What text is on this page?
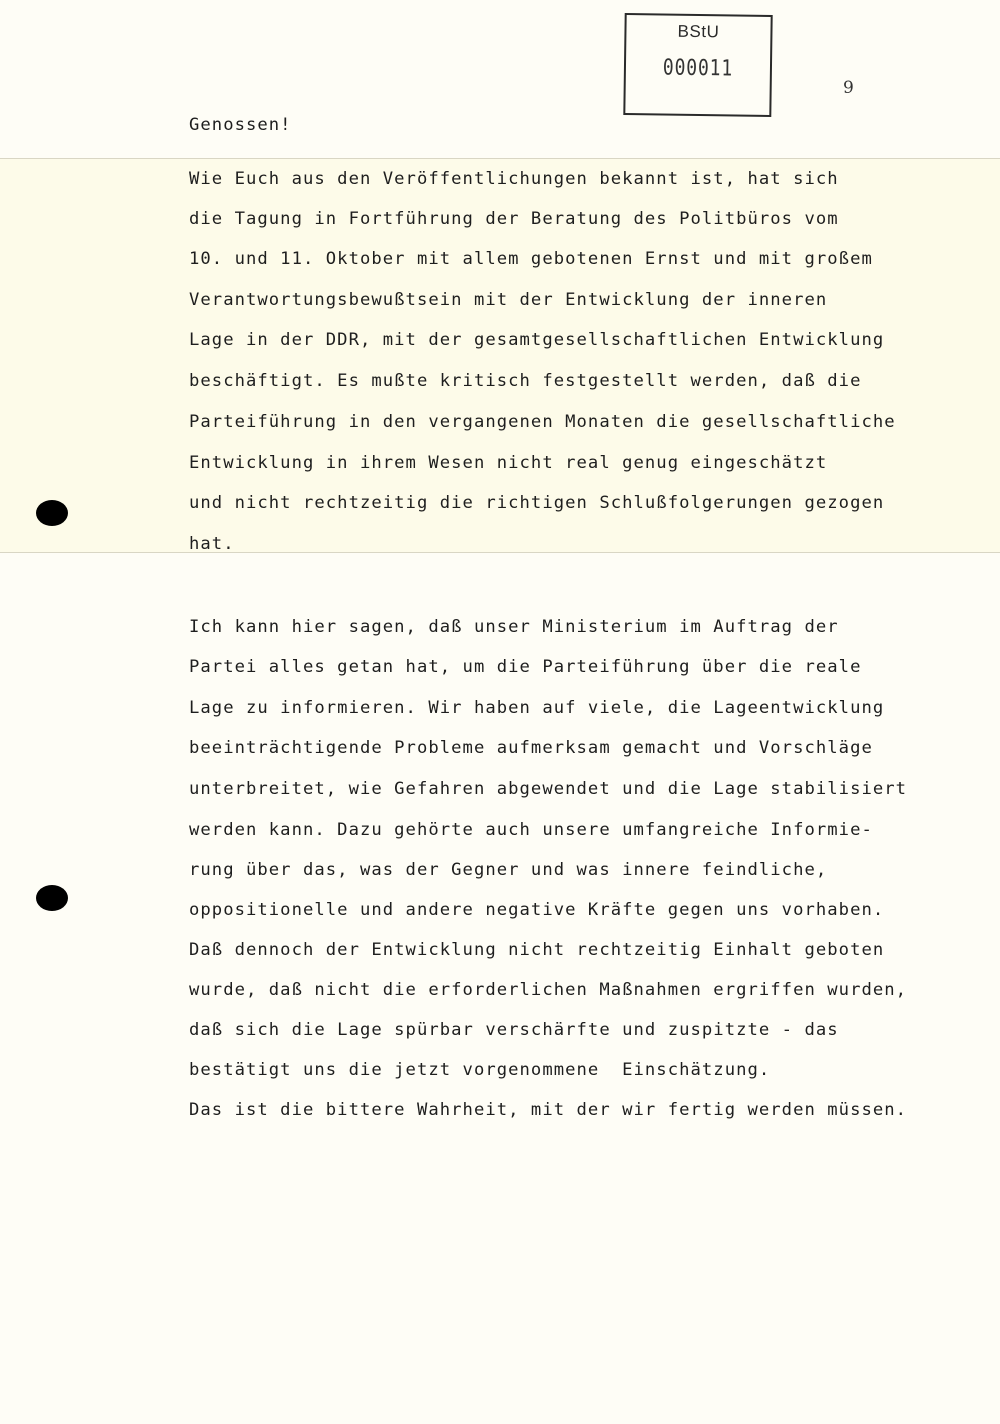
BStU
000011
9
Genossen!
Wie Euch aus den Veröffentlichungen bekannt ist, hat sich
die Tagung in Fortführung der Beratung des Politbüros vom
10. und 11. Oktober mit allem gebotenen Ernst und mit großem
Verantwortungsbewußtsein mit der Entwicklung der inneren
Lage in der DDR, mit der gesamtgesellschaftlichen Entwicklung
beschäftigt. Es mußte kritisch festgestellt werden, daß die
Parteiführung in den vergangenen Monaten die gesellschaftliche
Entwicklung in ihrem Wesen nicht real genug eingeschätzt
und nicht rechtzeitig die richtigen Schlußfolgerungen gezogen
hat.
Ich kann hier sagen, daß unser Ministerium im Auftrag der
Partei alles getan hat, um die Parteiführung über die reale
Lage zu informieren. Wir haben auf viele, die Lageentwicklung
beeinträchtigende Probleme aufmerksam gemacht und Vorschläge
unterbreitet, wie Gefahren abgewendet und die Lage stabilisiert
werden kann. Dazu gehörte auch unsere umfangreiche Informie-
rung über das, was der Gegner und was innere feindliche,
oppositionelle und andere negative Kräfte gegen uns vorhaben.
Daß dennoch der Entwicklung nicht rechtzeitig Einhalt geboten
wurde, daß nicht die erforderlichen Maßnahmen ergriffen wurden,
daß sich die Lage spürbar verschärfte und zuspitzte - das
bestätigt uns die jetzt vorgenommene  Einschätzung.
Das ist die bittere Wahrheit, mit der wir fertig werden müssen.
